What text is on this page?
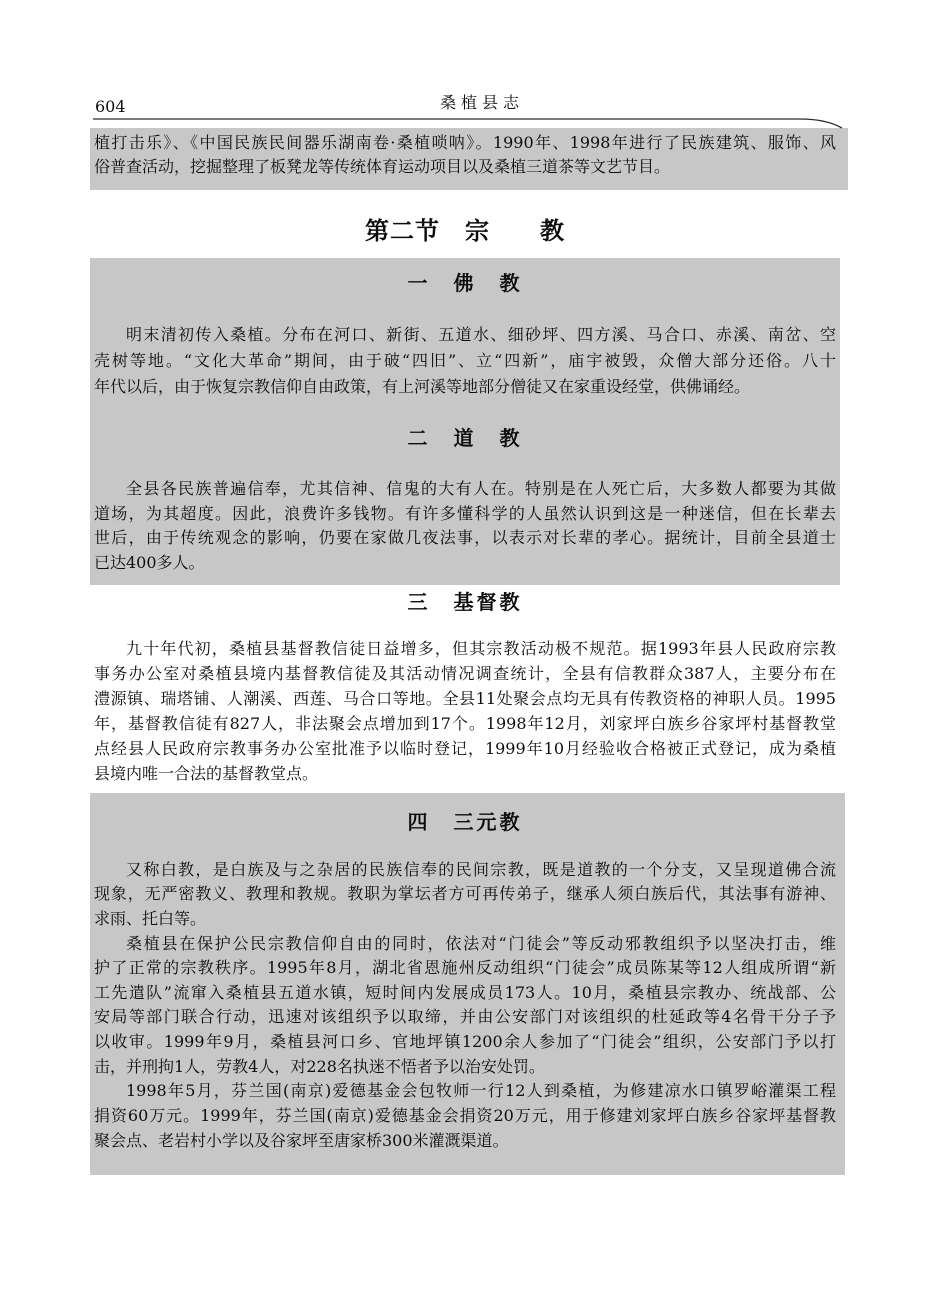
604	桑植县志
植打击乐》、《中国民族民间器乐湖南卷·桑植唢呐》。1990年、1998年进行了民族建筑、服饰、风
俗普查活动，挖掘整理了板凳龙等传统体育运动项目以及桑植三道茶等文艺节目。
第二节　宗　　教
一　佛　教
明末清初传入桑植。分布在河口、新街、五道水、细砂坪、四方溪、马合口、赤溪、南岔、空
壳树等地。“文化大革命”期间，由于破“四旧”、立“四新”，庙宇被毁，众僧大部分还俗。八十
年代以后，由于恢复宗教信仰自由政策，有上河溪等地部分僧徒又在家重设经堂，供佛诵经。
二　道　教
全县各民族普遍信奉，尤其信神、信鬼的大有人在。特别是在人死亡后，大多数人都要为其做
道场，为其超度。因此，浪费许多钱物。有许多懂科学的人虽然认识到这是一种迷信，但在长辈去
世后，由于传统观念的影响，仍要在家做几夜法事，以表示对长辈的孝心。据统计，目前全县道士
已达400多人。
三　基督教
九十年代初，桑植县基督教信徒日益增多，但其宗教活动极不规范。据1993年县人民政府宗教
事务办公室对桑植县境内基督教信徒及其活动情况调查统计，全县有信教群众387人，主要分布在
澧源镇、瑞塔铺、人潮溪、西莲、马合口等地。全县11处聚会点均无具有传教资格的神职人员。1995
年，基督教信徒有827人，非法聚会点增加到17个。1998年12月，刘家坪白族乡谷家坪村基督教堂
点经县人民政府宗教事务办公室批准予以临时登记，1999年10月经验收合格被正式登记，成为桑植
县境内唯一合法的基督教堂点。
四　三元教
又称白教，是白族及与之杂居的民族信奉的民间宗教，既是道教的一个分支，又呈现道佛合流
现象，无严密教义、教理和教规。教职为掌坛者方可再传弟子，继承人须白族后代，其法事有游神、
求雨、托白等。
桑植县在保护公民宗教信仰自由的同时，依法对“门徒会”等反动邪教组织予以坚决打击，维
护了正常的宗教秩序。1995年8月，湖北省恩施州反动组织“门徒会”成员陈某等12人组成所谓“新
工先遣队”流窜入桑植县五道水镇，短时间内发展成员173人。10月，桑植县宗教办、统战部、公
安局等部门联合行动，迅速对该组织予以取缔，并由公安部门对该组织的杜延政等4名骨干分子予
以收审。1999年9月，桑植县河口乡、官地坪镇1200余人参加了“门徒会”组织，公安部门予以打
击，并刑拘1人，劳教4人，对228名执迷不悟者予以治安处罚。
1998年5月，芬兰国(南京)爱德基金会包牧师一行12人到桑植，为修建凉水口镇罗峪灌渠工程
捐资60万元。1999年，芬兰国(南京)爱德基金会捐资20万元，用于修建刘家坪白族乡谷家坪基督教
聚会点、老岩村小学以及谷家坪至唐家桥300米灌溉渠道。
